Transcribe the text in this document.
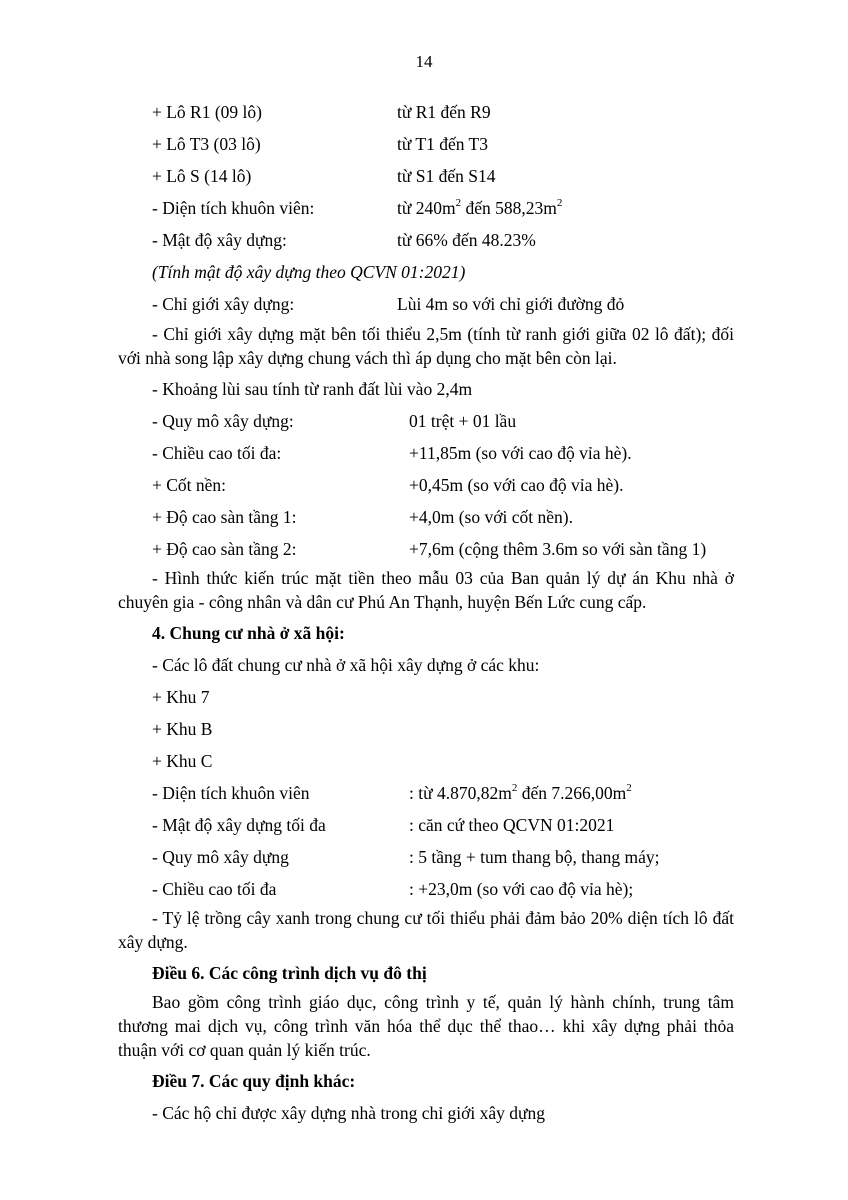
14
+ Lô R1 (09 lô)	từ R1 đến R9
+ Lô T3 (03 lô)	từ T1 đến T3
+ Lô S (14 lô)	từ S1 đến S14
- Diện tích khuôn viên:	từ $240m^2$ đến $588,23m^2$
- Mật độ xây dựng:	từ 66% đến 48.23%
(Tính mật độ xây dựng theo QCVN 01:2021)
- Chỉ giới xây dựng:	Lùi 4m so với chỉ giới đường đỏ
- Chỉ giới xây dựng mặt bên tối thiểu 2,5m (tính từ ranh giới giữa 02 lô đất); đối với nhà song lập xây dựng chung vách thì áp dụng cho mặt bên còn lại.
- Khoảng lùi sau tính từ ranh đất lùi vào 2,4m
- Quy mô xây dựng:	01 trệt + 01 lầu
- Chiều cao tối đa:	+11,85m (so với cao độ vỉa hè).
+ Cốt nền:	+0,45m (so với cao độ vỉa hè).
+ Độ cao sàn tầng 1:	+4,0m (so với cốt nền).
+ Độ cao sàn tầng 2:	+7,6m (cộng thêm 3.6m so với sàn tầng 1)
- Hình thức kiến trúc mặt tiền theo mẫu 03 của Ban quản lý dự án Khu nhà ở chuyên gia - công nhân và dân cư Phú An Thạnh, huyện Bến Lức cung cấp.
4. Chung cư nhà ở xã hội:
- Các lô đất chung cư nhà ở xã hội xây dựng ở các khu:
+ Khu 7
+ Khu B
+ Khu C
- Diện tích khuôn viên	: từ $4.870,82m^2$ đến $7.266,00m^2$
- Mật độ xây dựng tối đa	: căn cứ theo QCVN 01:2021
- Quy mô xây dựng	: 5 tầng + tum thang bộ, thang máy;
- Chiều cao tối đa	: +23,0m (so với cao độ vỉa hè);
- Tỷ lệ trồng cây xanh trong chung cư tối thiểu phải đảm bảo 20% diện tích lô đất xây dựng.
Điều 6. Các công trình dịch vụ đô thị
Bao gồm công trình giáo dục, công trình y tế, quản lý hành chính, trung tâm thương mai dịch vụ, công trình văn hóa thể dục thể thao… khi xây dựng phải thỏa thuận với cơ quan quản lý kiến trúc.
Điều 7. Các quy định khác:
- Các hộ chỉ được xây dựng nhà trong chỉ giới xây dựng
